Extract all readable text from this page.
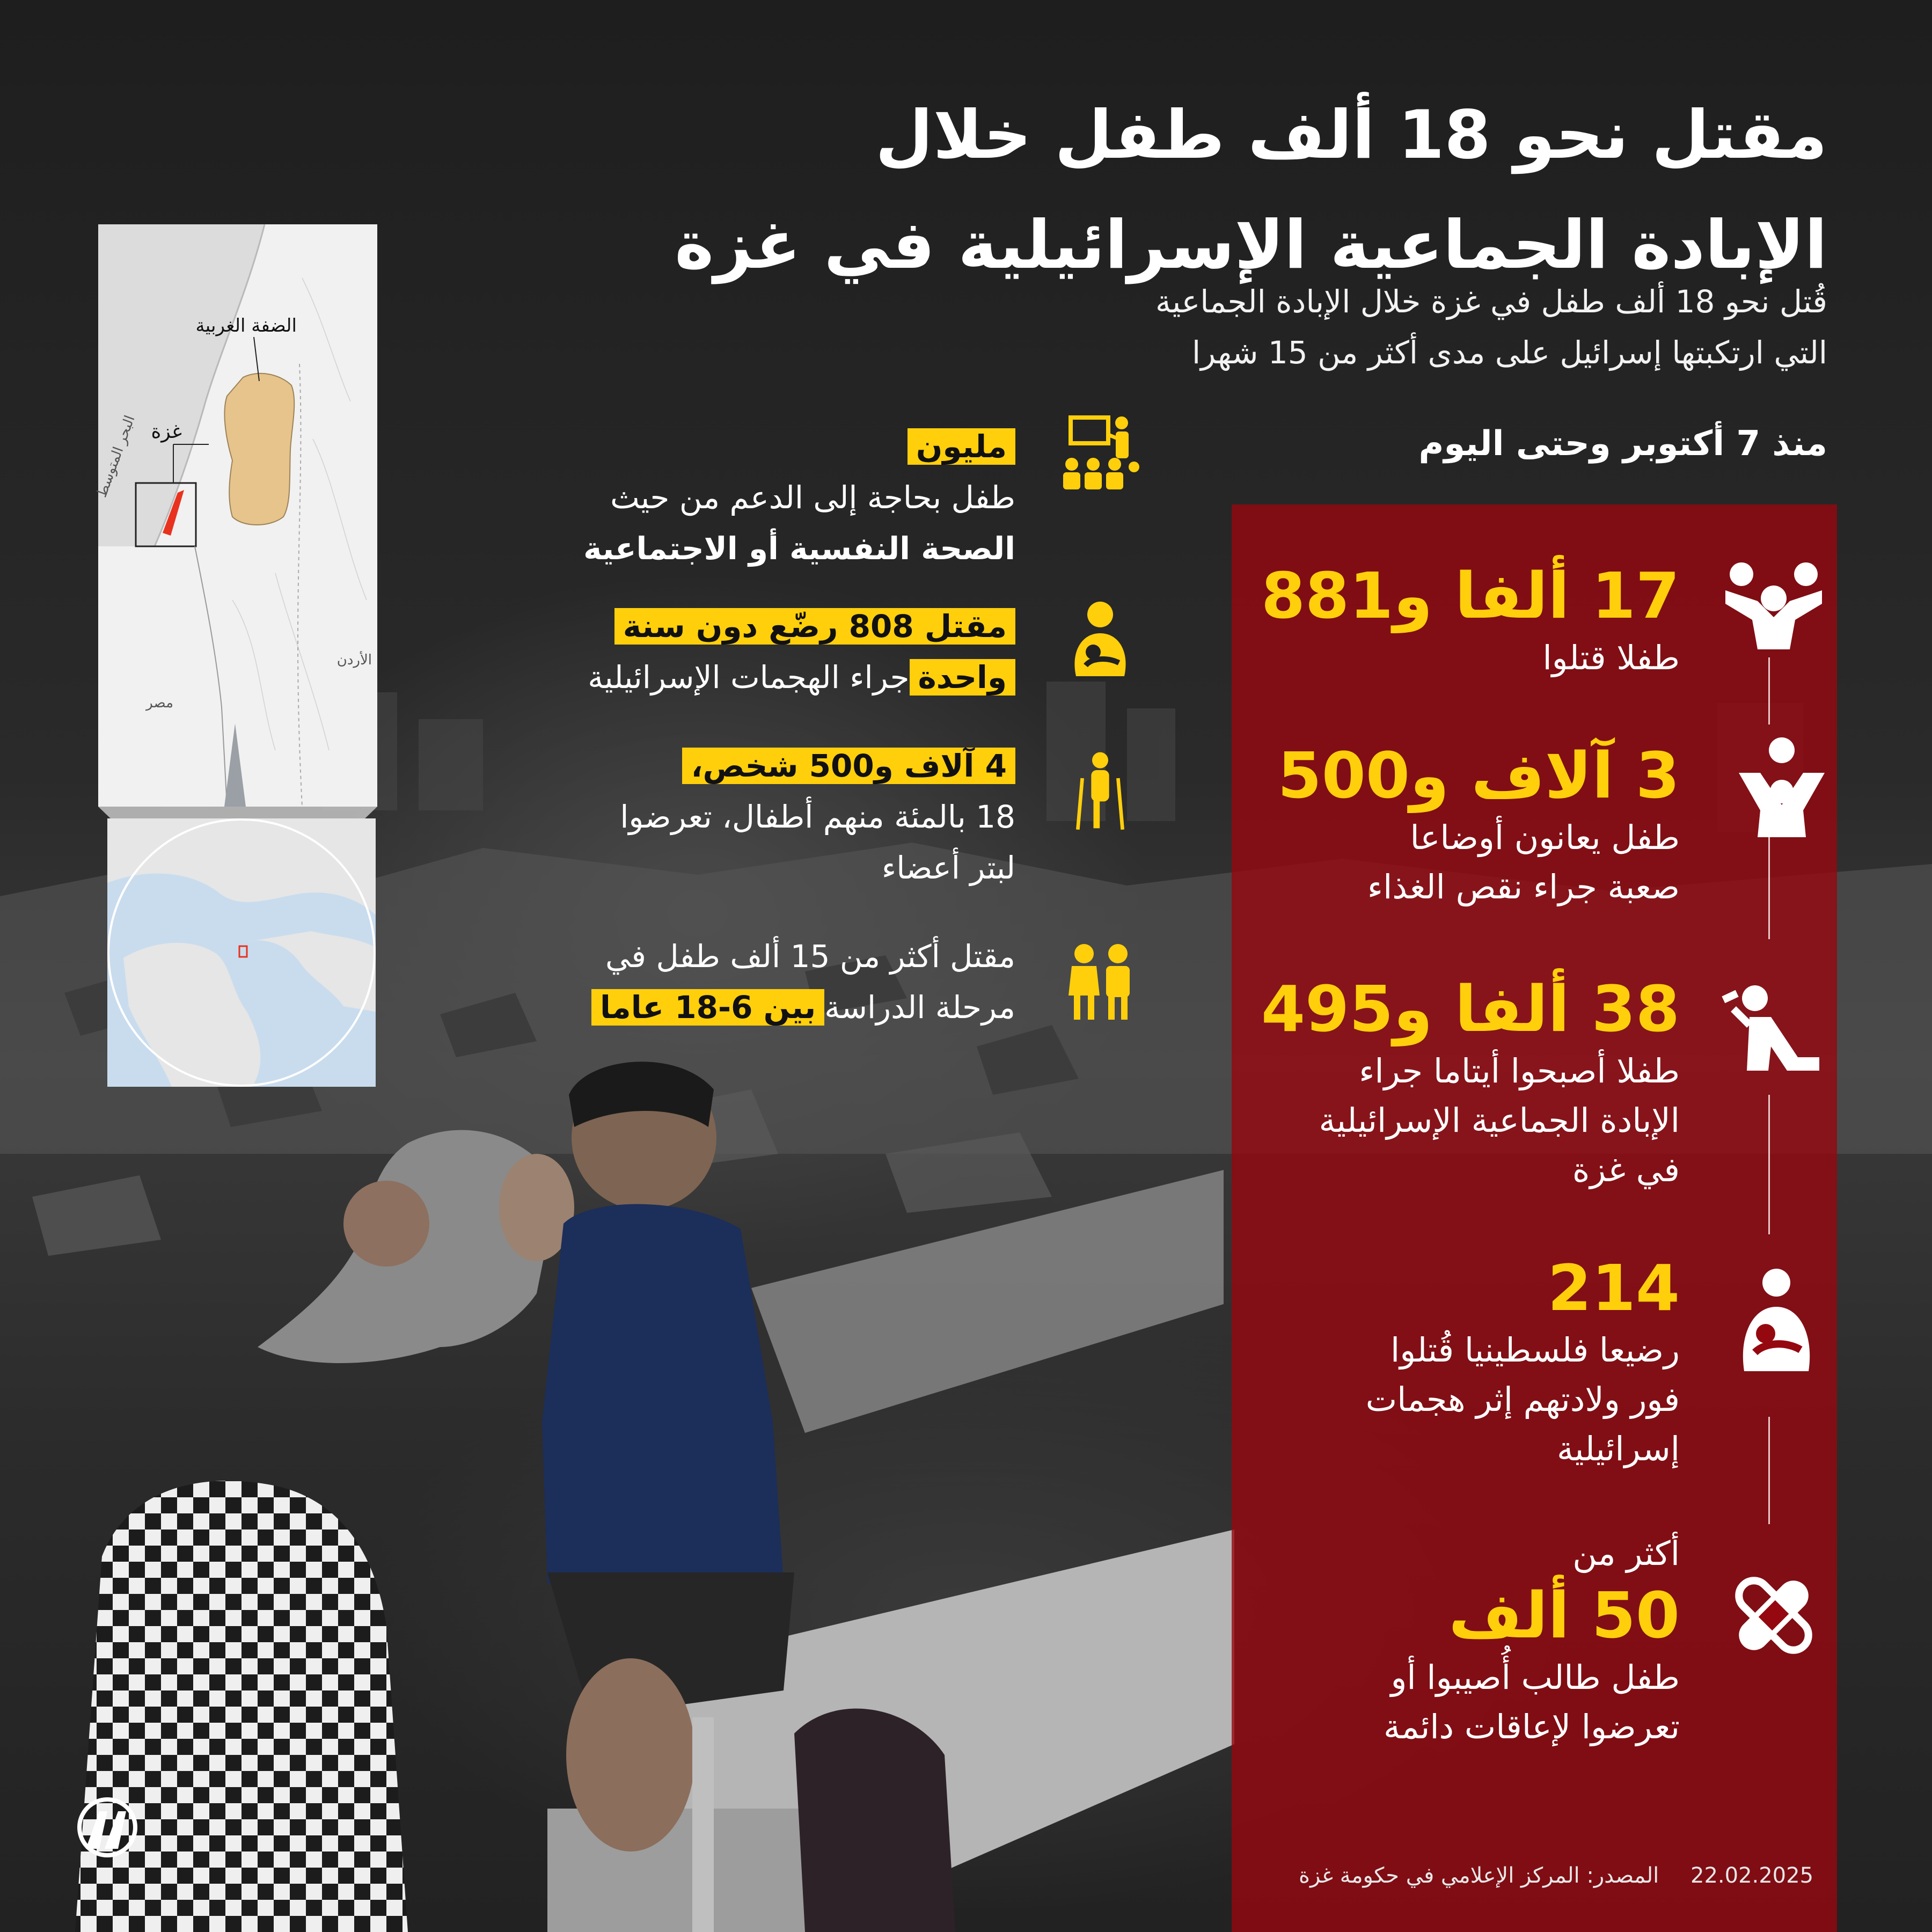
مقتل نحو 18 ألف طفل خلال
الإبادة الجماعية الإسرائيلية في غزة
قُتل نحو 18 ألف طفل في غزة خلال الإبادة الجماعية
التي ارتكبتها إسرائيل على مدى أكثر من 15 شهرا
منذ 7 أكتوبر وحتى اليوم
البحر المتوسط
الضفة الغربية
غزة
الأردن
مصر
مليون
طفل بحاجة إلى الدعم من حيث
الصحة النفسية أو الاجتماعية
مقتل 808 رضّع دون سنة
واحدةجراء الهجمات الإسرائيلية
4 آلاف و500 شخص،
18 بالمئة منهم أطفال، تعرضوا
لبتر أعضاء
مقتل أكثر من 15 ألف طفل في
مرحلة الدراسةبين 6-18 عاما
17 ألفا و881
طفلا قتلوا
3 آلاف و500
طفل يعانون أوضاعا
صعبة جراء نقص الغذاء
38 ألفا و495
طفلا أصبحوا أيتاما جراء
الإبادة الجماعية الإسرائيلية
في غزة
214
رضيعا فلسطينيا قُتلوا
فور ولادتهم إثر هجمات
إسرائيلية
أكثر من
50 ألف
طفل طالب أُصيبوا أو
تعرضوا لإعاقات دائمة
المصدر: المركز الإعلامي في حكومة غزة 22.02.2025
